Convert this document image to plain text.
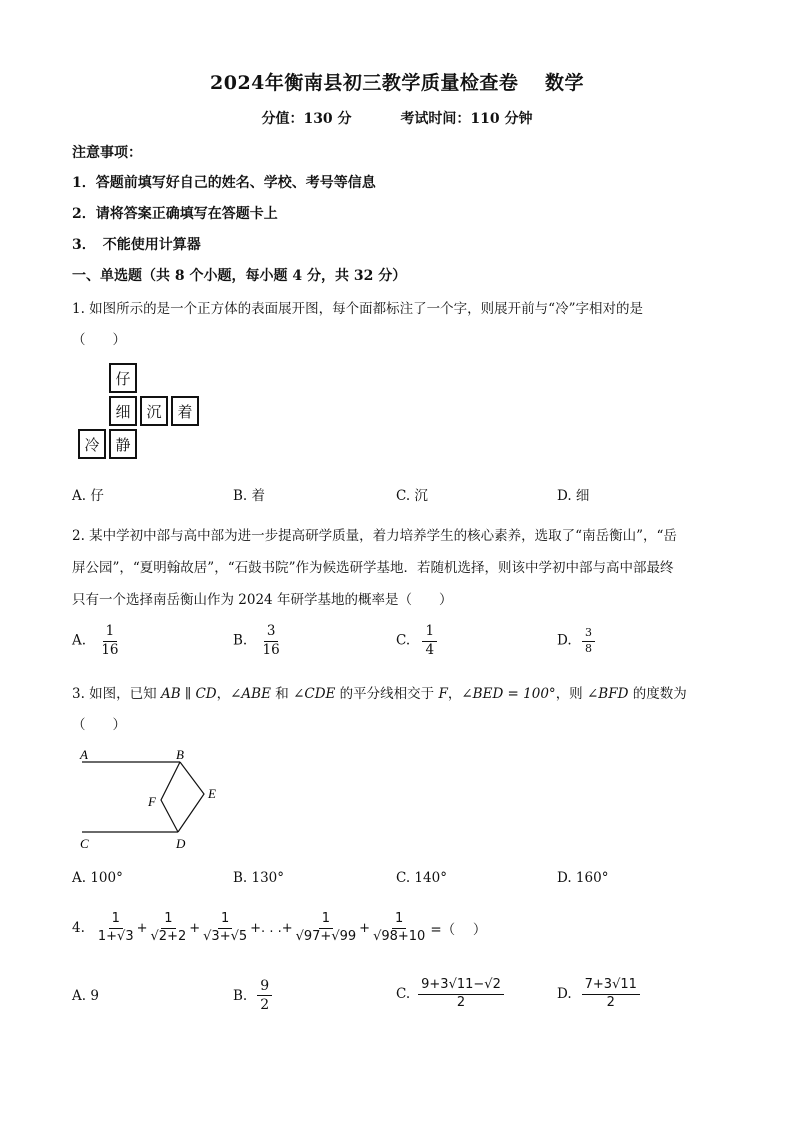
2024年衡南县初三教学质量检查卷　 数学
分值：130 分	考试时间：110 分钟
注意事项：
1．答题前填写好自己的姓名、学校、考号等信息
2．请将答案正确填写在答题卡上
3．　不能使用计算器
一、单选题（共 8 个小题，每小题 4 分，共 32 分）
1. 如图所示的是一个正方体的表面展开图，每个面都标注了一个字，则展开前与“冷”字相对的是
（　　）
仔
细	沉	着
冷	静
A. 仔	B. 着	C. 沉	D. 细
2. 某中学初中部与高中部为进一步提高研学质量，着力培养学生的核心素养，选取了“南岳衡山”，“岳
屏公园”，“夏明翰故居”，“石鼓书院”作为候选研学基地．若随机选择，则该中学初中部与高中部最终
只有一个选择南岳衡山作为 2024 年研学基地的概率是（　　）
A. $\frac{1}{16}$	B. $\frac{3}{16}$	C. $\frac{1}{4}$	D. $\frac{3}{8}$
3. 如图，已知 AB ∥ CD，∠ABE 和 ∠CDE 的平分线相交于 F，∠BED = 100°，则 ∠BFD 的度数为
（　　）
A	B
E
F
C	D
A. 100°	B. 130°	C. 140°	D. 160°
4. $\frac{1}{1+√3} + \frac{1}{√2+2} + \frac{1}{√3+√5}$ +. . .+ $\frac{1}{√97+√99} + \frac{1}{√98+10}$ =（　 ）
A. 9	B. $\frac{9}{2}$	C. $\frac{9+3√11-√2}{2}$	D. $\frac{7+3√11}{2}$
